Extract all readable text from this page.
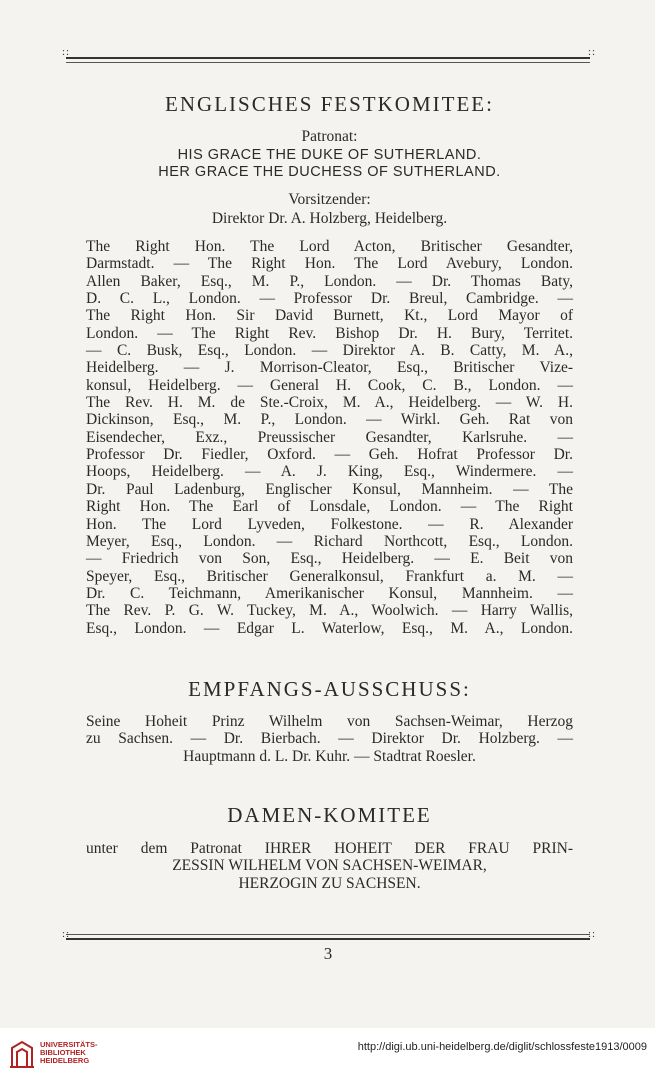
::	::
::	::
ENGLISCHES FESTKOMITEE:

Patronat:

HIS GRACE THE DUKE OF SUTHERLAND.

HER GRACE THE DUCHESS OF SUTHERLAND.

Vorsitzender:

Direktor Dr. A. Holzberg, Heidelberg.

The Right Hon. The Lord Acton, Britischer Gesandter,
Darmstadt. — The Right Hon. The Lord Avebury, London.
Allen Baker, Esq., M. P., London. — Dr. Thomas Baty,
D. C. L., London. — Professor Dr. Breul, Cambridge. —
The Right Hon. Sir David Burnett, Kt., Lord Mayor of
London. — The Right Rev. Bishop Dr. H. Bury, Territet.
— C. Busk, Esq., London. — Direktor A. B. Catty, M. A.,
Heidelberg. — J. Morrison-Cleator, Esq., Britischer Vize-
konsul, Heidelberg. — General H. Cook, C. B., London. —
The Rev. H. M. de Ste.-Croix, M. A., Heidelberg. — W. H.
Dickinson, Esq., M. P., London. — Wirkl. Geh. Rat von
Eisendecher, Exz., Preussischer Gesandter, Karlsruhe. —
Professor Dr. Fiedler, Oxford. — Geh. Hofrat Professor Dr.
Hoops, Heidelberg. — A. J. King, Esq., Windermere. —
Dr. Paul Ladenburg, Englischer Konsul, Mannheim. — The
Right Hon. The Earl of Lonsdale, London. — The Right
Hon. The Lord Lyveden, Folkestone. — R. Alexander
Meyer, Esq., London. — Richard Northcott, Esq., London.
— Friedrich von Son, Esq., Heidelberg. — E. Beit von
Speyer, Esq., Britischer Generalkonsul, Frankfurt a. M. —
Dr. C. Teichmann, Amerikanischer Konsul, Mannheim. —
The Rev. P. G. W. Tuckey, M. A., Woolwich. — Harry Wallis,
Esq., London. — Edgar L. Waterlow, Esq., M. A., London.
EMPFANGS-AUSSCHUSS:
Seine Hoheit Prinz Wilhelm von Sachsen-Weimar, Herzog
zu Sachsen. — Dr. Bierbach. — Direktor Dr. Holzberg. —
Hauptmann d. L. Dr. Kuhr. — Stadtrat Roesler.
DAMEN-KOMITEE
unter dem Patronat IHRER HOHEIT DER FRAU PRIN-
ZESSIN WILHELM VON SACHSEN-WEIMAR,
HERZOGIN ZU SACHSEN.
3
UNIVERSITÄTS-
BIBLIOTHEK
HEIDELBERG
http://digi.ub.uni-heidelberg.de/diglit/schlossfeste1913/0009
